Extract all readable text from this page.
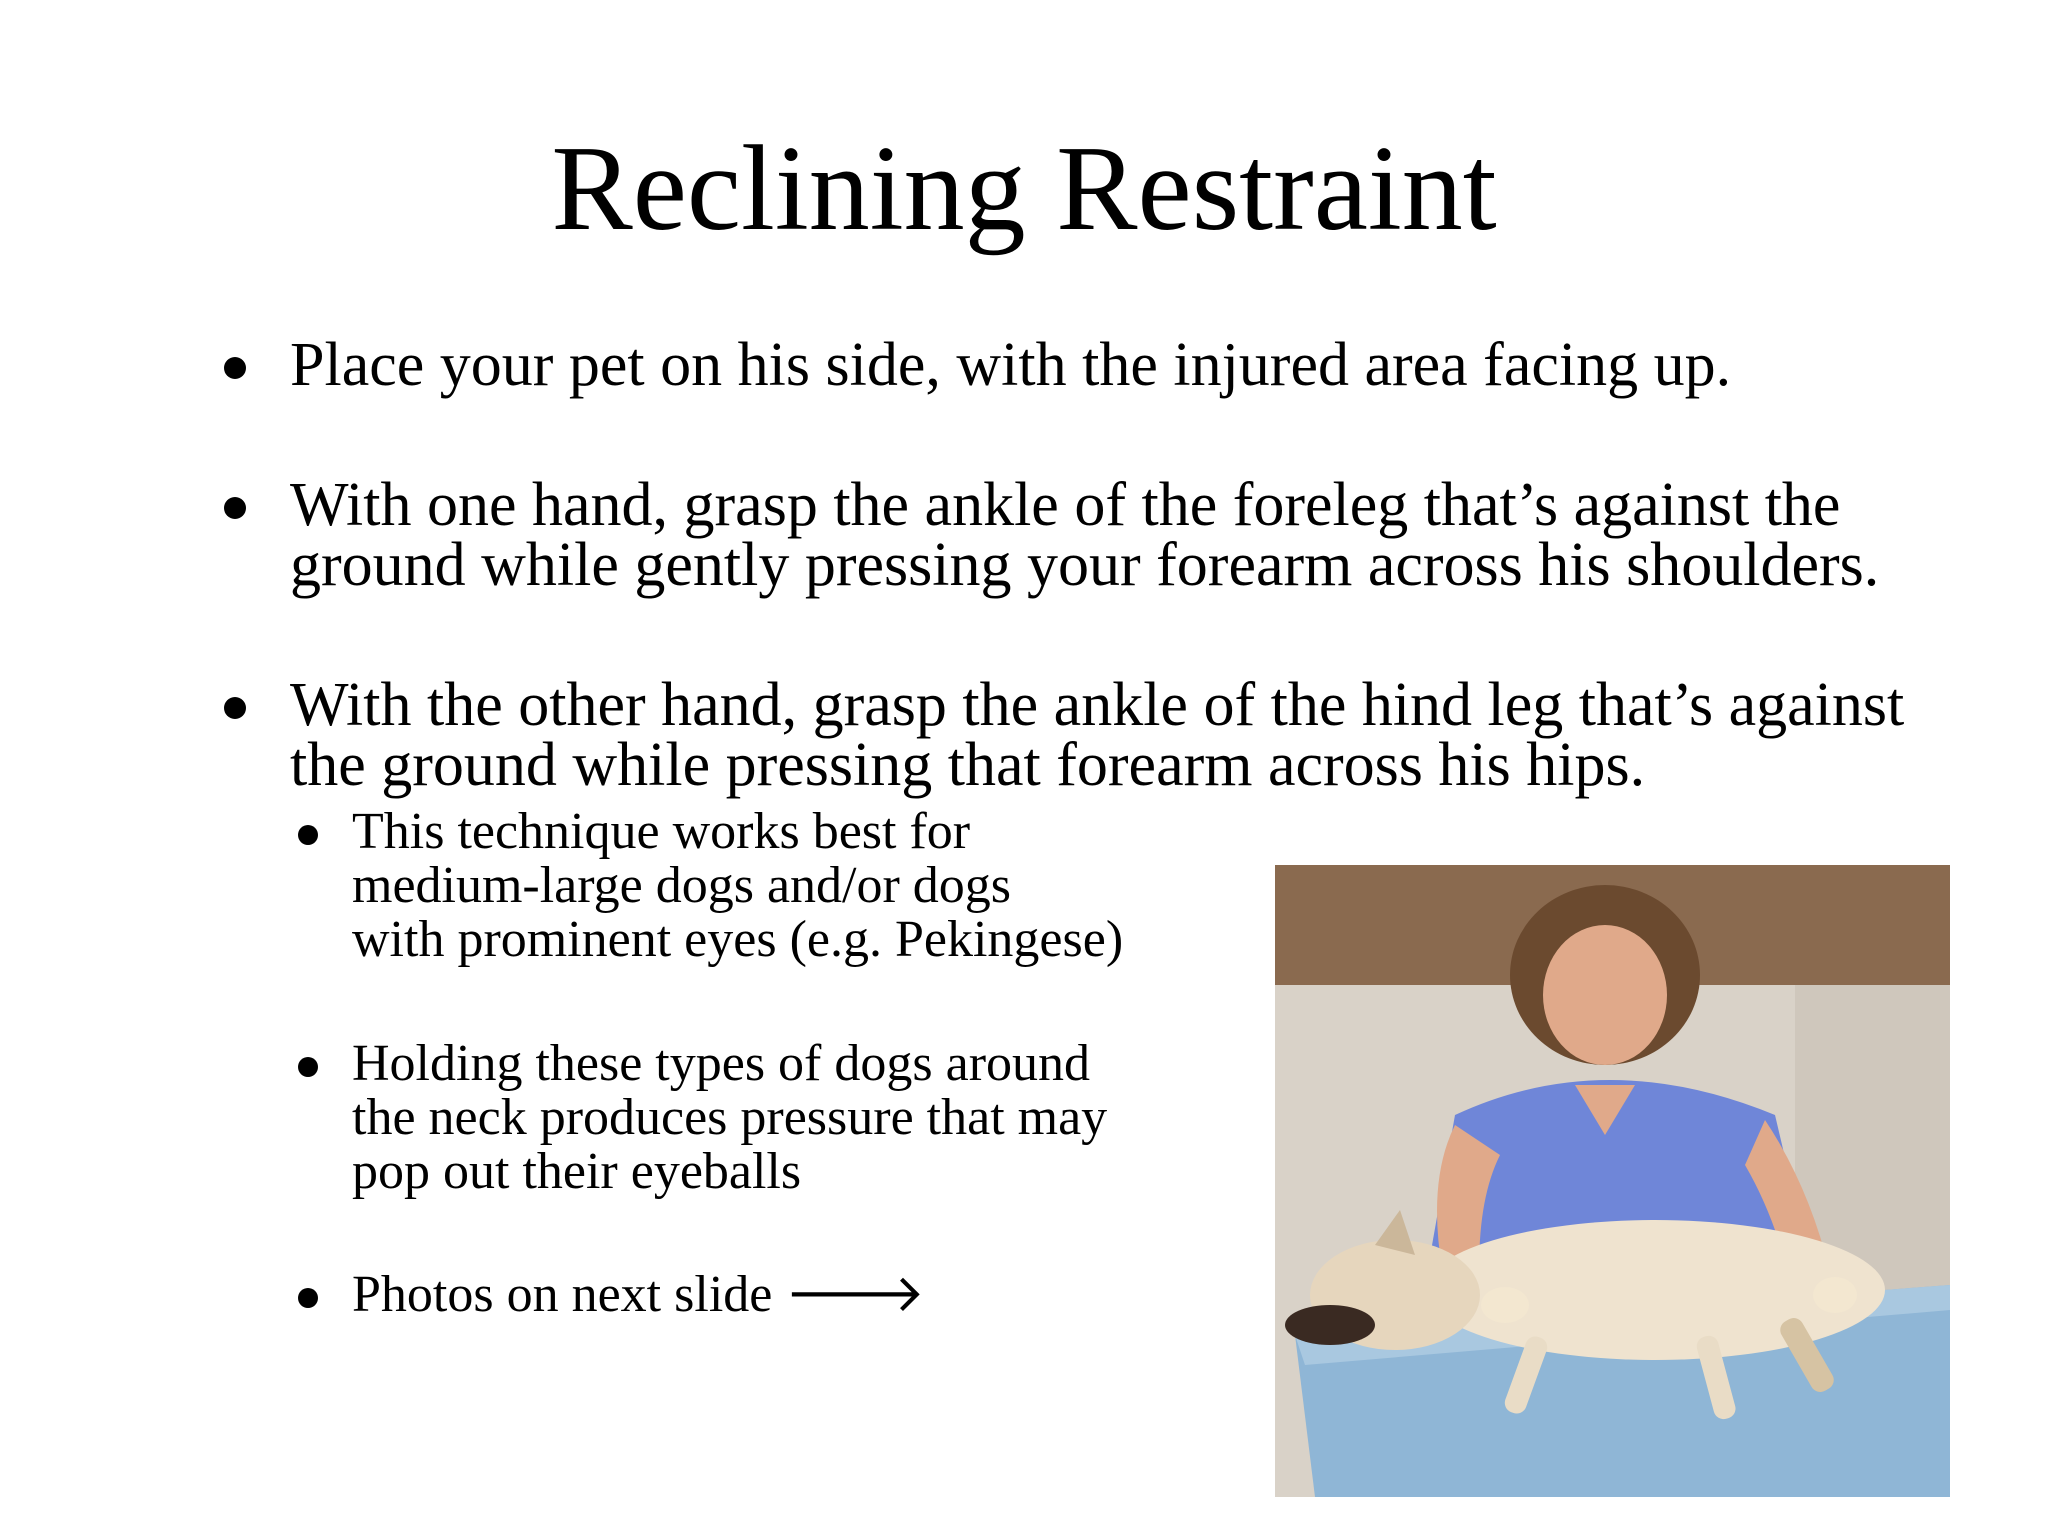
Reclining Restraint
Place your pet on his side, with the injured area facing up.
With one hand, grasp the ankle of the foreleg that’s against the
ground while gently pressing your forearm across his shoulders.
With the other hand, grasp the ankle of the hind leg that’s against
the ground while pressing that forearm across his hips.
This technique works best for
medium-large dogs and/or dogs
with prominent eyes (e.g. Pekingese)
Holding these types of dogs around
the neck produces pressure that may
pop out their eyeballs
Photos on next slide 🡒
